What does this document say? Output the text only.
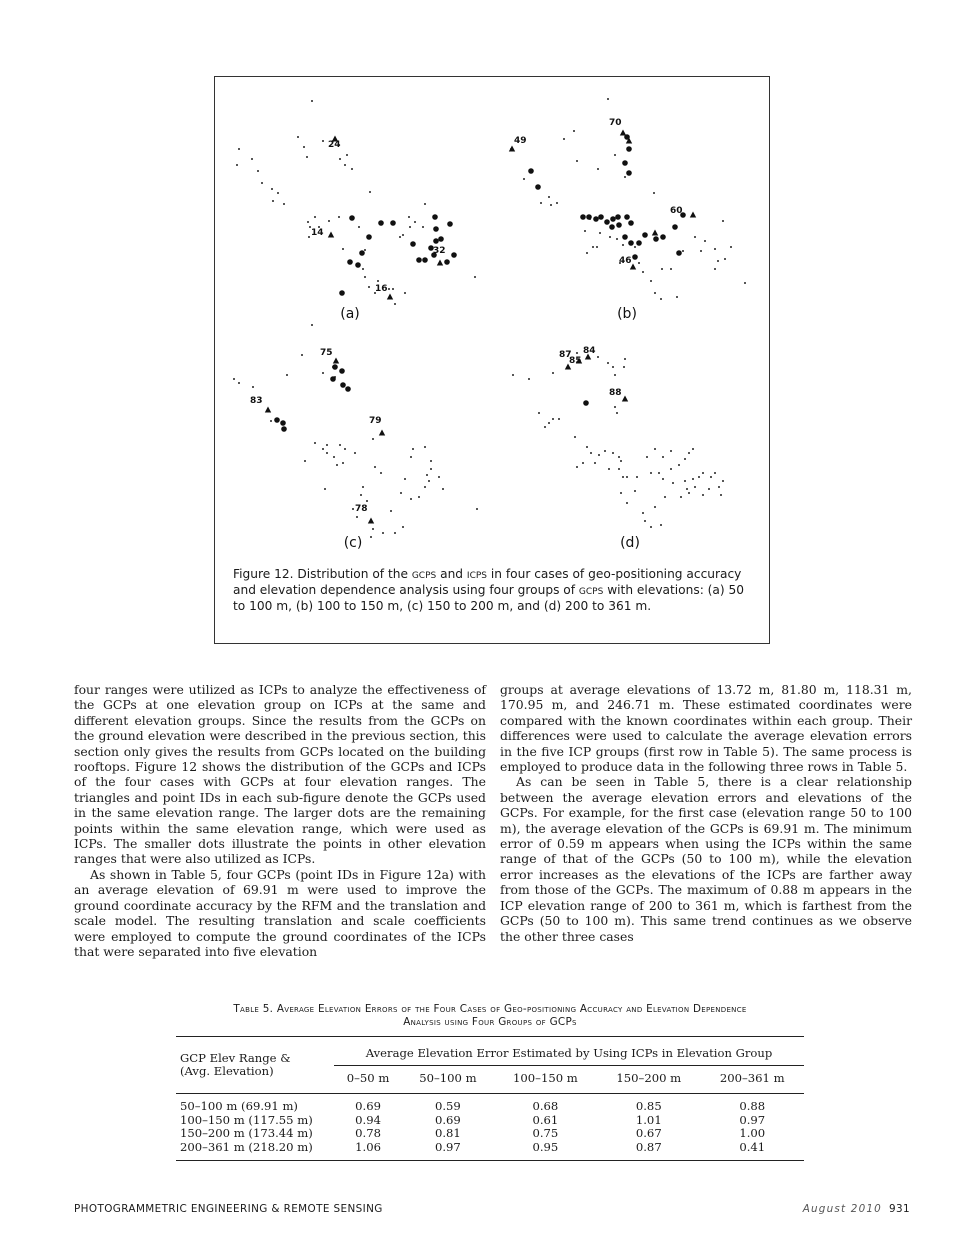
24
14
32
16
(a)
49
70
60
46
(b)
75
83
79
78
(c)
87
85
84
88
(d)
Figure 12. Distribution of the gcps and icps in four cases of geo-positioning accuracy and elevation dependence analysis using four groups of gcps with elevations: (a) 50 to 100 m, (b) 100 to 150 m, (c) 150 to 200 m, and (d) 200 to 361 m.

four ranges were utilized as ICPs to analyze the effectiveness of the GCPs at one elevation group on ICPs at the same and different elevation groups. Since the results from the GCPs on the ground elevation were described in the previous section, this section only gives the results from GCPs located on the building rooftops. Figure 12 shows the distribution of the GCPs and ICPs of the four cases with GCPs at four elevation ranges. The triangles and point IDs in each sub-figure denote the GCPs used in the same elevation range. The larger dots are the remaining points within the same elevation range, which were used as ICPs. The smaller dots illustrate the points in other elevation ranges that were also utilized as ICPs.

As shown in Table 5, four GCPs (point IDs in Figure 12a) with an average elevation of 69.91 m were used to improve the ground coordinate accuracy by the RFM and the translation and scale model. The resulting translation and scale coefficients were employed to compute the ground coordinates of the ICPs that were separated into five elevation

groups at average elevations of 13.72 m, 81.80 m, 118.31 m, 170.95 m, and 246.71 m. These estimated coordinates were compared with the known coordinates within each group. Their differences were used to calculate the average elevation errors in the five ICP groups (first row in Table 5). The same process is employed to produce data in the following three rows in Table 5.

As can be seen in Table 5, there is a clear relationship between the average elevation errors and elevations of the GCPs. For example, for the first case (elevation range 50 to 100 m), the average elevation of the GCPs is 69.91 m. The minimum error of 0.59 m appears when using the ICPs within the same range of that of the GCPs (50 to 100 m), while the elevation error increases as the elevations of the ICPs are farther away from those of the GCPs. The maximum of 0.88 m appears in the ICP elevation range of 200 to 361 m, which is farthest from the GCPs (50 to 100 m). This same trend continues as we observe the other three cases

Table 5. Average Elevation Errors of the Four Cases of Geo-positioning Accuracy and Elevation Dependence
Analysis using Four Groups of GCPs
GCP Elev Range &
(Avg. Elevation)	Average Elevation Error Estimated by Using ICPs in Elevation Group				
	0–50 m	50–100 m	100–150 m	150–200 m	200–361 m
50–100 m (69.91 m)	0.69	0.59	0.68	0.85	0.88
100–150 m (117.55 m)	0.94	0.69	0.61	1.01	0.97
150–200 m (173.44 m)	0.78	0.81	0.75	0.67	1.00
200–361 m (218.20 m)	1.06	0.97	0.95	0.87	0.41
PHOTOGRAMMETRIC ENGINEERING & REMOTE SENSING	August 2010 931
